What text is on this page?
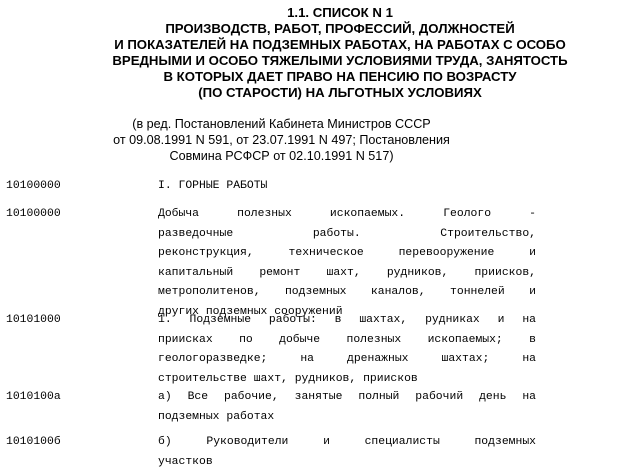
1.1. СПИСОК N 1
ПРОИЗВОДСТВ, РАБОТ, ПРОФЕССИЙ, ДОЛЖНОСТЕЙ
И ПОКАЗАТЕЛЕЙ НА ПОДЗЕМНЫХ РАБОТАХ, НА РАБОТАХ С ОСОБО
ВРЕДНЫМИ И ОСОБО ТЯЖЕЛЫМИ УСЛОВИЯМИ ТРУДА, ЗАНЯТОСТЬ
В КОТОРЫХ ДАЕТ ПРАВО НА ПЕНСИЮ ПО ВОЗРАСТУ
(ПО СТАРОСТИ) НА ЛЬГОТНЫХ УСЛОВИЯХ
(в ред. Постановлений Кабинета Министров СССР
от 09.08.1991 N 591, от 23.07.1991 N 497; Постановления
Совмина РСФСР от 02.10.1991 N 517)
10100000	I. ГОРНЫЕ РАБОТЫ
10100000	Добыча полезных ископаемых. Геолого -
разведочные работы. Строительство,
реконструкция, техническое перевооружение и
капитальный ремонт шахт, рудников, приисков,
метрополитенов, подземных каналов, тоннелей и
других подземных сооружений
10101000	1. Подземные работы: в шахтах, рудниках и на
приисках по добыче полезных ископаемых; в
геологоразведке; на дренажных шахтах; на
строительстве шахт, рудников, приисков
1010100а	а) Все рабочие, занятые полный рабочий день на
подземных работах
1010100б	б) Руководители и специалисты подземных
участков
